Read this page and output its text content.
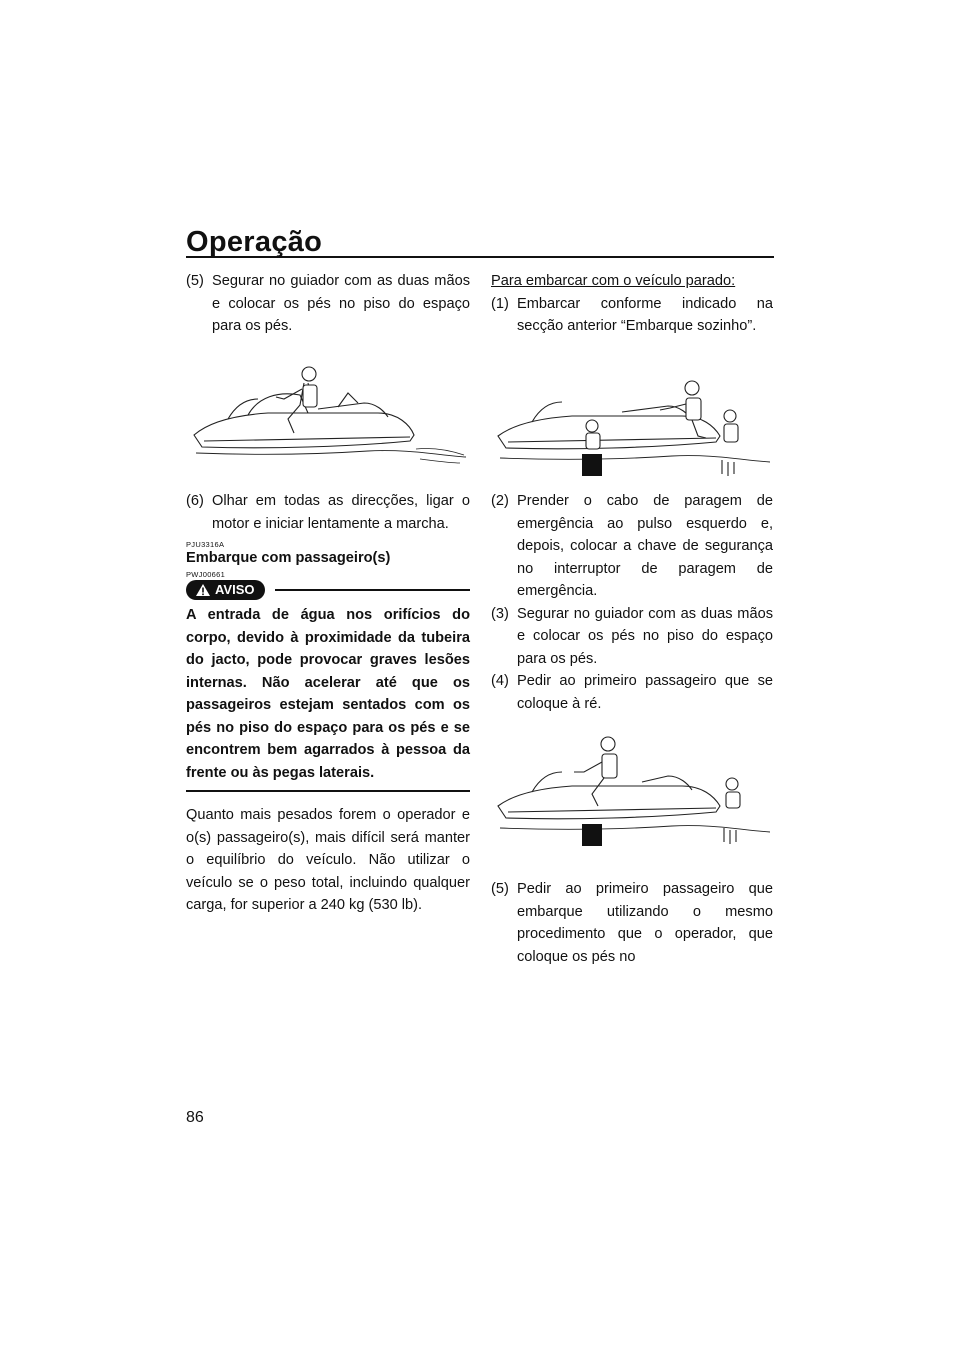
Operação
(5) Segurar no guiador com as duas mãos e colocar os pés no piso do espaço para os pés.
(6) Olhar em todas as direcções, ligar o motor e iniciar lentamente a marcha.
PJU3316A
Embarque com passageiro(s)
PWJ00661
AVISO
A entrada de água nos orifícios do corpo, devido à proximidade da tubeira do jacto, pode provocar graves lesões internas. Não acelerar até que os passageiros estejam sentados com os pés no piso do espaço para os pés e se encontrem bem agarrados à pessoa da frente ou às pegas laterais.
Quanto mais pesados forem o operador e o(s) passageiro(s), mais difícil será manter o equilíbrio do veículo. Não utilizar o veículo se o peso total, incluindo qualquer carga, for superior a 240 kg (530 lb).
Para embarcar com o veículo parado:
(1) Embarcar conforme indicado na secção anterior “Embarque sozinho”.
(2) Prender o cabo de paragem de emergência ao pulso esquerdo e, depois, colocar a chave de segurança no interruptor de paragem de emergência.
(3) Segurar no guiador com as duas mãos e colocar os pés no piso do espaço para os pés.
(4) Pedir ao primeiro passageiro que se coloque à ré.
(5) Pedir ao primeiro passageiro que embarque utilizando o mesmo procedimento que o operador, que coloque os pés no
86
